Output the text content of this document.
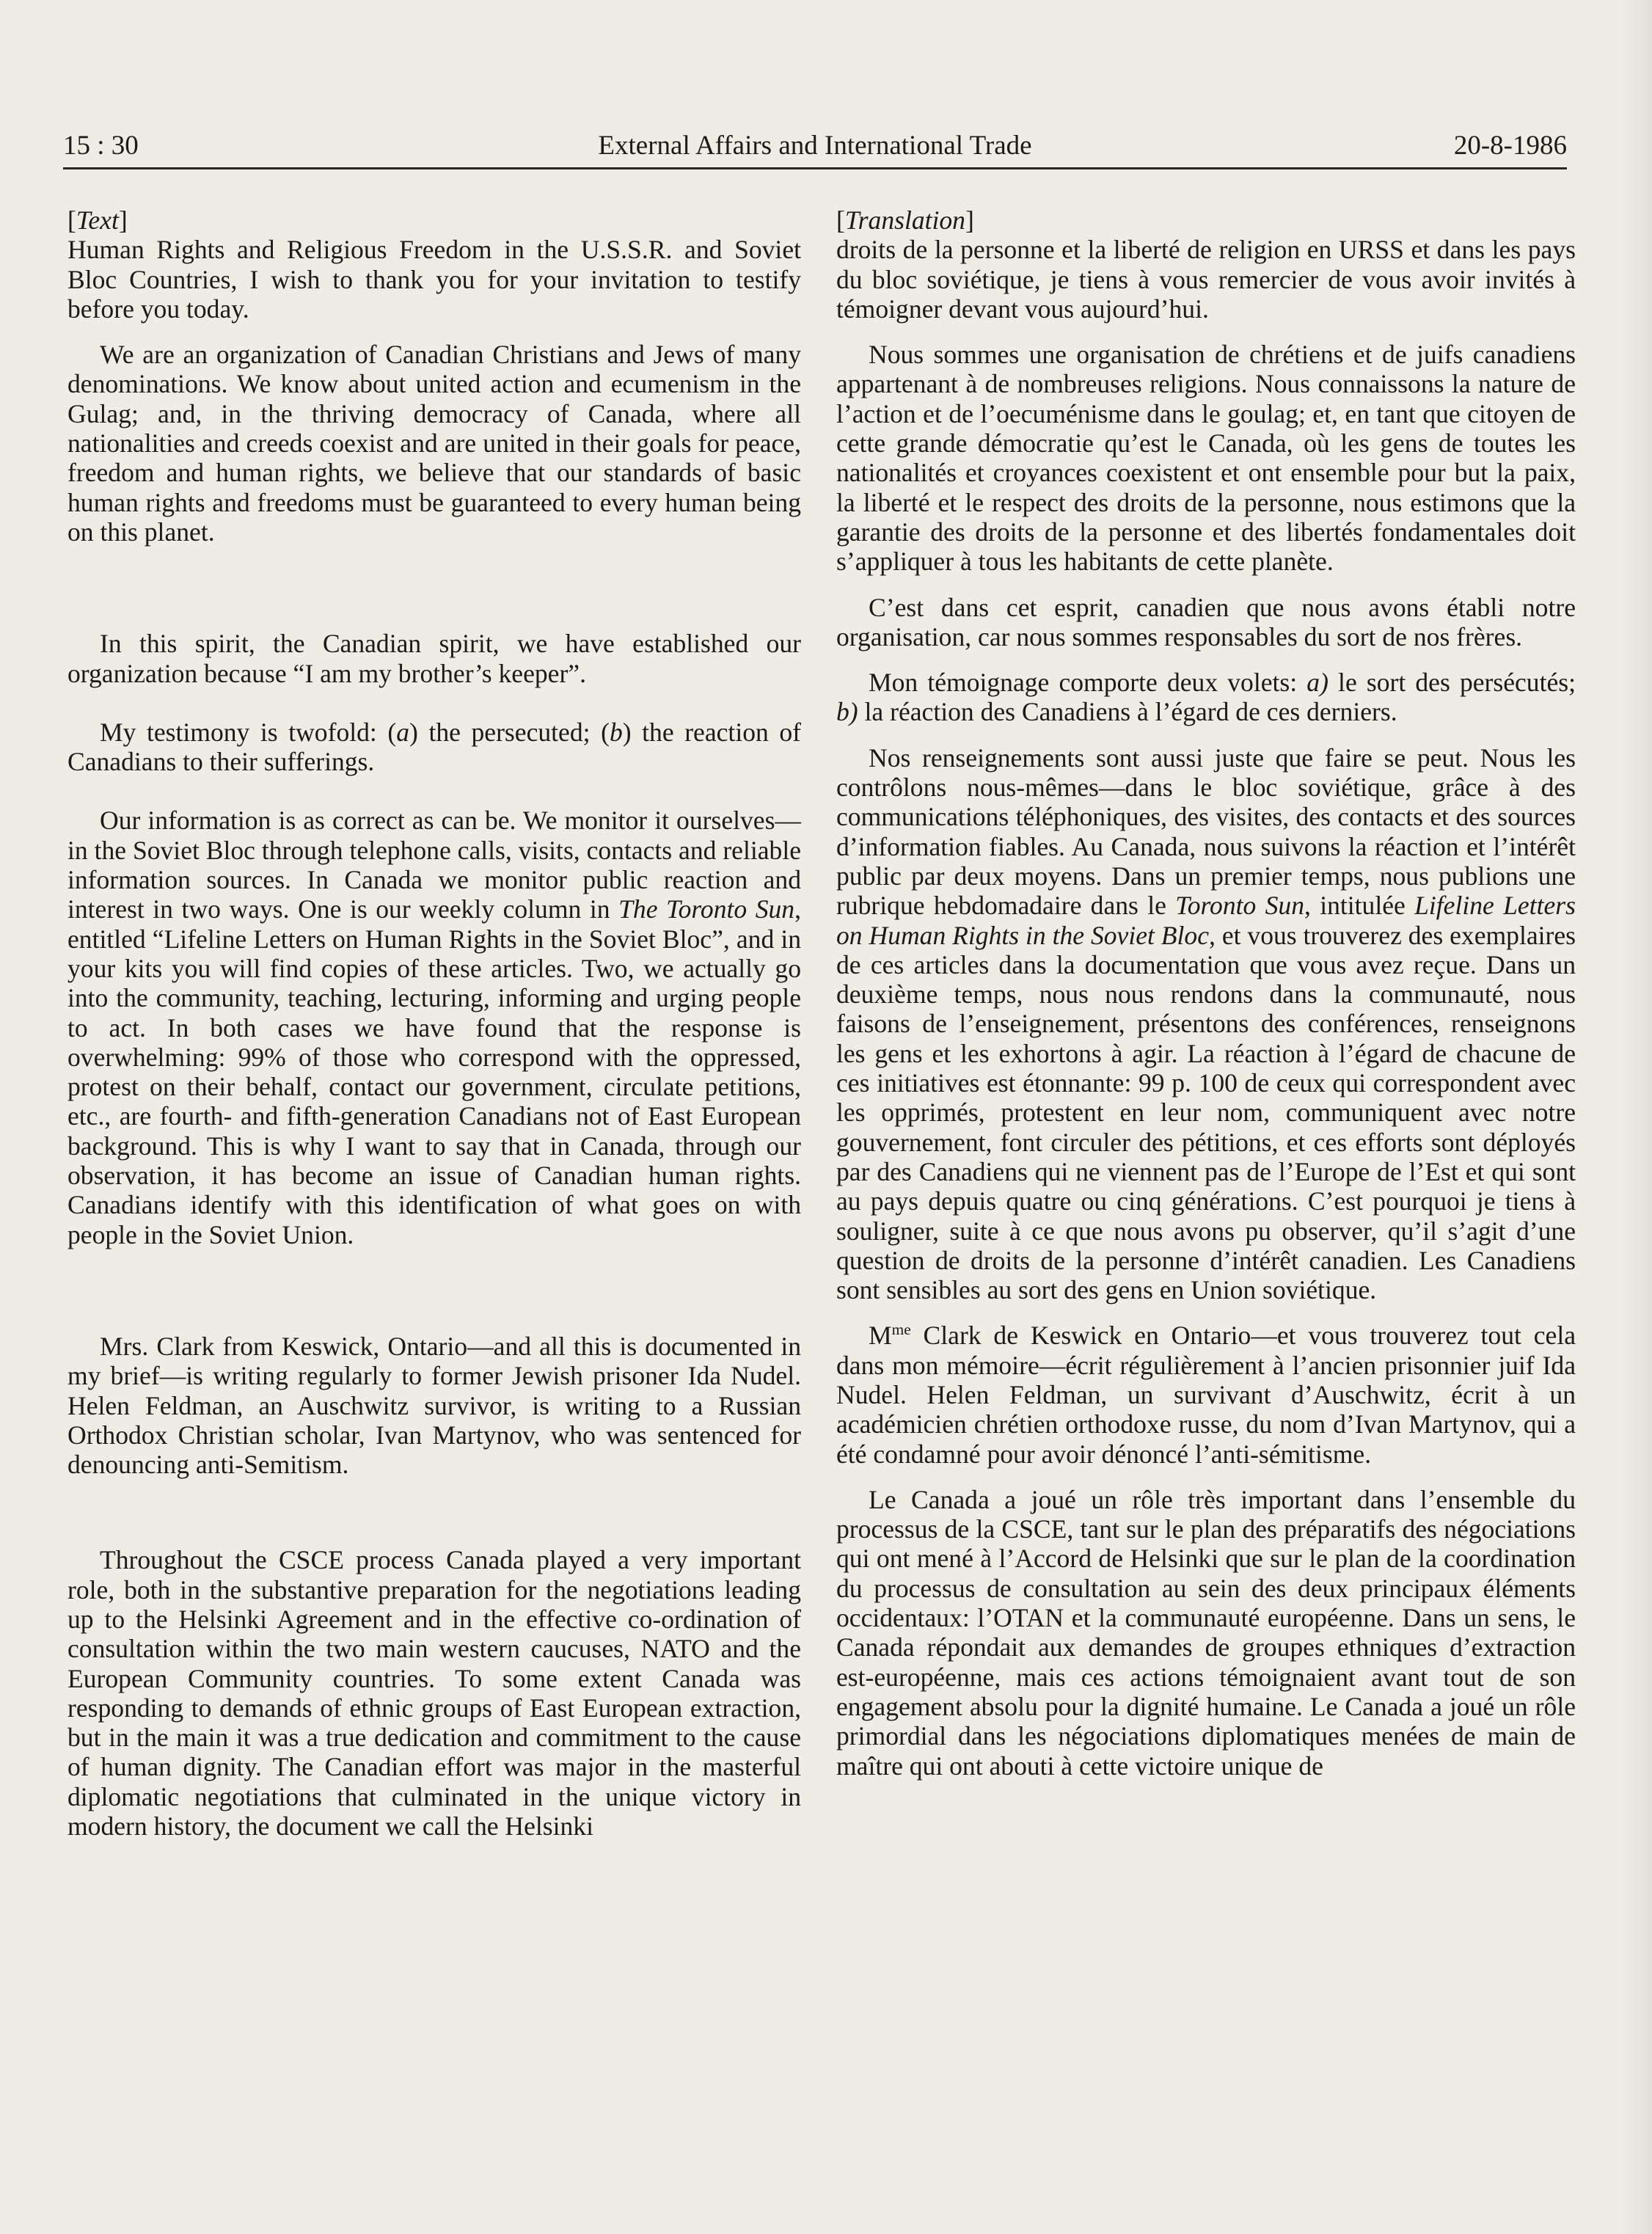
15 : 30	External Affairs and International Trade	20-8-1986

[Text]

Human Rights and Religious Freedom in the U.S.S.R. and Soviet Bloc Countries, I wish to thank you for your invitation to testify before you today.

We are an organization of Canadian Christians and Jews of many denominations. We know about united action and ecumenism in the Gulag; and, in the thriving democracy of Canada, where all nationalities and creeds coexist and are united in their goals for peace, freedom and human rights, we believe that our standards of basic human rights and freedoms must be guaranteed to every human being on this planet.

In this spirit, the Canadian spirit, we have established our organization because “I am my brother’s keeper”.

My testimony is twofold: (a) the persecuted; (b) the reaction of Canadians to their sufferings.

Our information is as correct as can be. We monitor it ourselves—in the Soviet Bloc through telephone calls, visits, contacts and reliable information sources. In Canada we monitor public reaction and interest in two ways. One is our weekly column in The Toronto Sun, entitled “Lifeline Letters on Human Rights in the Soviet Bloc”, and in your kits you will find copies of these articles. Two, we actually go into the community, teaching, lecturing, informing and urging people to act. In both cases we have found that the response is overwhelming: 99% of those who correspond with the oppressed, protest on their behalf, contact our government, circulate petitions, etc., are fourth- and fifth-generation Canadians not of East European background. This is why I want to say that in Canada, through our observation, it has become an issue of Canadian human rights. Canadians identify with this identification of what goes on with people in the Soviet Union.

Mrs. Clark from Keswick, Ontario—and all this is documented in my brief—is writing regularly to former Jewish prisoner Ida Nudel. Helen Feldman, an Auschwitz survivor, is writing to a Russian Orthodox Christian scholar, Ivan Martynov, who was sentenced for denouncing anti-Semitism.

Throughout the CSCE process Canada played a very important role, both in the substantive preparation for the negotiations leading up to the Helsinki Agreement and in the effective co-ordination of consultation within the two main western caucuses, NATO and the European Community countries. To some extent Canada was responding to demands of ethnic groups of East European extraction, but in the main it was a true dedication and commitment to the cause of human dignity. The Canadian effort was major in the masterful diplomatic negotiations that culminated in the unique victory in modern history, the document we call the Helsinki

[Translation]

droits de la personne et la liberté de religion en URSS et dans les pays du bloc soviétique, je tiens à vous remercier de vous avoir invités à témoigner devant vous aujourd’hui.

Nous sommes une organisation de chrétiens et de juifs canadiens appartenant à de nombreuses religions. Nous connaissons la nature de l’action et de l’oecuménisme dans le goulag; et, en tant que citoyen de cette grande démocratie qu’est le Canada, où les gens de toutes les nationalités et croyances coexistent et ont ensemble pour but la paix, la liberté et le respect des droits de la personne, nous estimons que la garantie des droits de la personne et des libertés fondamentales doit s’appliquer à tous les habitants de cette planète.

C’est dans cet esprit, canadien que nous avons établi notre organisation, car nous sommes responsables du sort de nos frères.

Mon témoignage comporte deux volets: a) le sort des persécutés; b) la réaction des Canadiens à l’égard de ces derniers.

Nos renseignements sont aussi juste que faire se peut. Nous les contrôlons nous-mêmes—dans le bloc soviétique, grâce à des communications téléphoniques, des visites, des contacts et des sources d’information fiables. Au Canada, nous suivons la réaction et l’intérêt public par deux moyens. Dans un premier temps, nous publions une rubrique hebdomadaire dans le Toronto Sun, intitulée Lifeline Letters on Human Rights in the Soviet Bloc, et vous trouverez des exemplaires de ces articles dans la documentation que vous avez reçue. Dans un deuxième temps, nous nous rendons dans la communauté, nous faisons de l’enseignement, présentons des conférences, renseignons les gens et les exhortons à agir. La réaction à l’égard de chacune de ces initiatives est étonnante: 99 p. 100 de ceux qui correspondent avec les opprimés, protestent en leur nom, communiquent avec notre gouvernement, font circuler des pétitions, et ces efforts sont déployés par des Canadiens qui ne viennent pas de l’Europe de l’Est et qui sont au pays depuis quatre ou cinq générations. C’est pourquoi je tiens à souligner, suite à ce que nous avons pu observer, qu’il s’agit d’une question de droits de la personne d’intérêt canadien. Les Canadiens sont sensibles au sort des gens en Union soviétique.

$M^{me}$ Clark de Keswick en Ontario—et vous trouverez tout cela dans mon mémoire—écrit régulièrement à l’ancien prisonnier juif Ida Nudel. Helen Feldman, un survivant d’Auschwitz, écrit à un académicien chrétien orthodoxe russe, du nom d’Ivan Martynov, qui a été condamné pour avoir dénoncé l’anti-sémitisme.

Le Canada a joué un rôle très important dans l’ensemble du processus de la CSCE, tant sur le plan des préparatifs des négociations qui ont mené à l’Accord de Helsinki que sur le plan de la coordination du processus de consultation au sein des deux principaux éléments occidentaux: l’OTAN et la communauté européenne. Dans un sens, le Canada répondait aux demandes de groupes ethniques d’extraction est-européenne, mais ces actions témoignaient avant tout de son engagement absolu pour la dignité humaine. Le Canada a joué un rôle primordial dans les négociations diplomatiques menées de main de maître qui ont abouti à cette victoire unique de
